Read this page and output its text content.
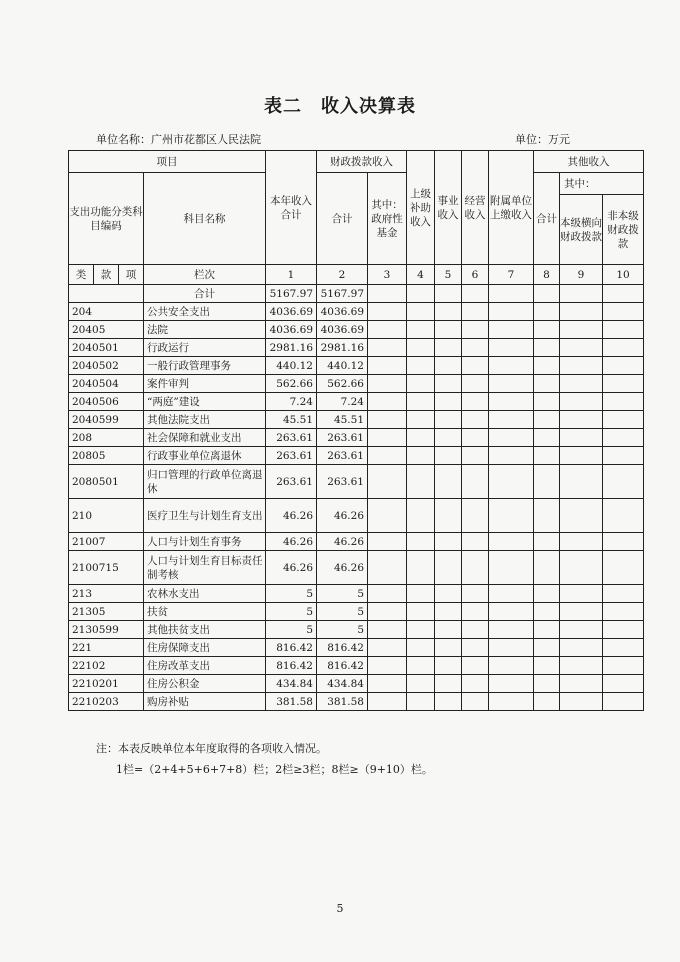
表二　收入决算表
单位名称：广州市花都区人民法院	单位：万元
项目				本年收入合计	财政拨款收入		上级补助收入	事业收入	经营收入	附属单位上缴收入	其他收入		
支出功能分类科目编码			科目名称		合计	其中：政府性基金					合计	其中：	
												本级横向财政拨款	非本级财政拨款
类	款	项	栏次	1	2	3	4	5	6	7	8	9	10
			合计	5167.97	5167.97								
204			公共安全支出	4036.69	4036.69								
20405			法院	4036.69	4036.69								
2040501			行政运行	2981.16	2981.16								
2040502			一般行政管理事务	440.12	440.12								
2040504			案件审判	562.66	562.66								
2040506			“两庭”建设	7.24	7.24								
2040599			其他法院支出	45.51	45.51								
208			社会保障和就业支出	263.61	263.61								
20805			行政事业单位离退休	263.61	263.61								
2080501			归口管理的行政单位离退休	263.61	263.61								
210			医疗卫生与计划生育支出	46.26	46.26								
21007			人口与计划生育事务	46.26	46.26								
2100715			人口与计划生育目标责任制考核	46.26	46.26								
213			农林水支出	5	5								
21305			扶贫	5	5								
2130599			其他扶贫支出	5	5								
221			住房保障支出	816.42	816.42								
22102			住房改革支出	816.42	816.42								
2210201			住房公积金	434.84	434.84								
2210203			购房补贴	381.58	381.58								
注：本表反映单位本年度取得的各项收入情况。
1栏=（2+4+5+6+7+8）栏；2栏≥3栏；8栏≥（9+10）栏。
5
